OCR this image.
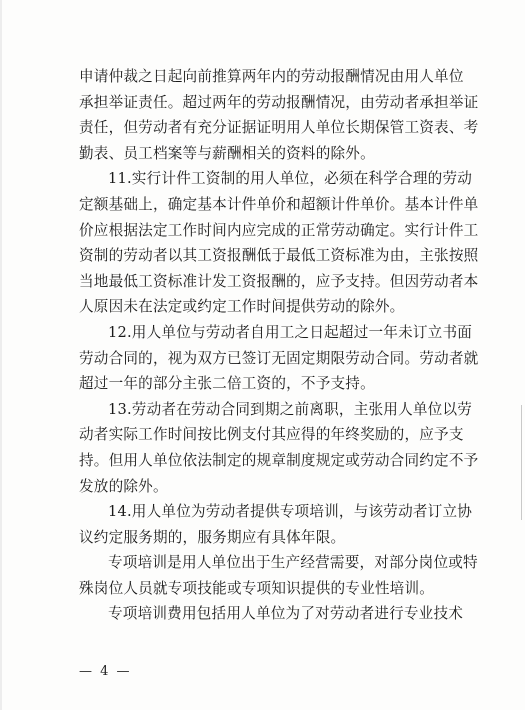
申请仲裁之日起向前推算两年内的劳动报酬情况由用人单位
承担举证责任。超过两年的劳动报酬情况，由劳动者承担举证
责任，但劳动者有充分证据证明用人单位长期保管工资表、考
勤表、员工档案等与薪酬相关的资料的除外。
11.实行计件工资制的用人单位，必须在科学合理的劳动
定额基础上，确定基本计件单价和超额计件单价。基本计件单
价应根据法定工作时间内应完成的正常劳动确定。实行计件工
资制的劳动者以其工资报酬低于最低工资标准为由，主张按照
当地最低工资标准计发工资报酬的，应予支持。但因劳动者本
人原因未在法定或约定工作时间提供劳动的除外。
12.用人单位与劳动者自用工之日起超过一年未订立书面
劳动合同的，视为双方已签订无固定期限劳动合同。劳动者就
超过一年的部分主张二倍工资的，不予支持。
13.劳动者在劳动合同到期之前离职，主张用人单位以劳
动者实际工作时间按比例支付其应得的年终奖励的，应予支
持。但用人单位依法制定的规章制度规定或劳动合同约定不予
发放的除外。
14.用人单位为劳动者提供专项培训，与该劳动者订立协
议约定服务期的，服务期应有具体年限。
专项培训是用人单位出于生产经营需要，对部分岗位或特
殊岗位人员就专项技能或专项知识提供的专业性培训。
专项培训费用包括用人单位为了对劳动者进行专业技术
— 4 —
